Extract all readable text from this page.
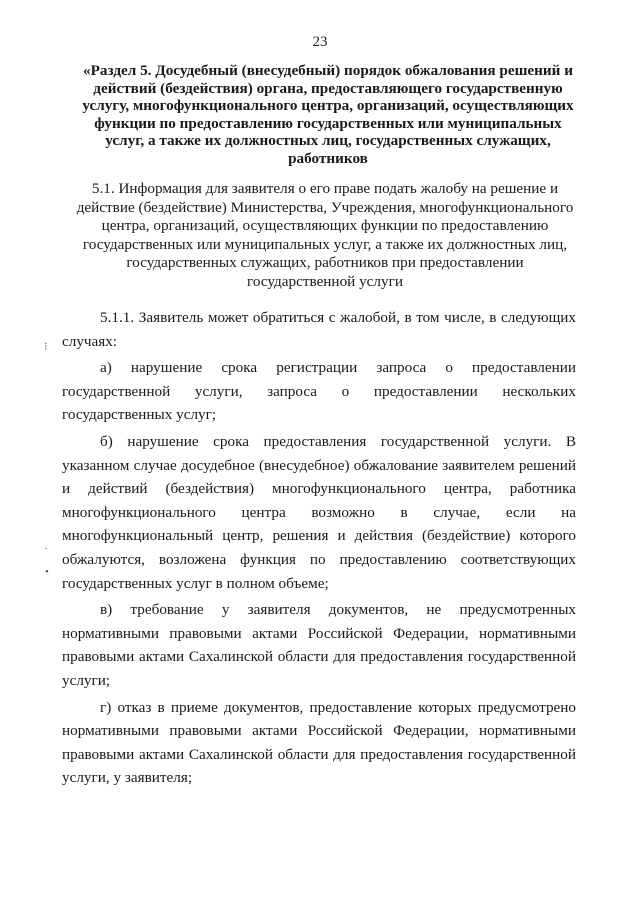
23
«Раздел 5. Досудебный (внесудебный) порядок обжалования решений и действий (бездействия) органа, предоставляющего государственную услугу, многофункционального центра, организаций, осуществляющих функции по предоставлению государственных или муниципальных услуг, а также их должностных лиц, государственных служащих, работников
5.1. Информация для заявителя о его праве подать жалобу на решение и действие (бездействие) Министерства, Учреждения, многофункционального центра, организаций, осуществляющих функции по предоставлению государственных или муниципальных услуг, а также их должностных лиц, государственных служащих, работников при предоставлении государственной услуги

5.1.1. Заявитель может обратиться с жалобой, в том числе, в следующих случаях:

а) нарушение срока регистрации запроса о предоставлении государственной услуги, запроса о предоставлении нескольких государственных услуг;

б) нарушение срока предоставления государственной услуги. В указанном случае досудебное (внесудебное) обжалование заявителем решений и действий (бездействия) многофункционального центра, работника многофункционального центра возможно в случае, если на многофункциональный центр, решения и действия (бездействие) которого обжалуются, возложена функция по предоставлению соответствующих государственных услуг в полном объеме;

в) требование у заявителя документов, не предусмотренных нормативными правовыми актами Российской Федерации, нормативными правовыми актами Сахалинской области для предоставления государственной услуги;

г) отказ в приеме документов, предоставление которых предусмотрено нормативными правовыми актами Российской Федерации, нормативными правовыми актами Сахалинской области для предоставления государственной услуги, у заявителя;

⁝
·
•
